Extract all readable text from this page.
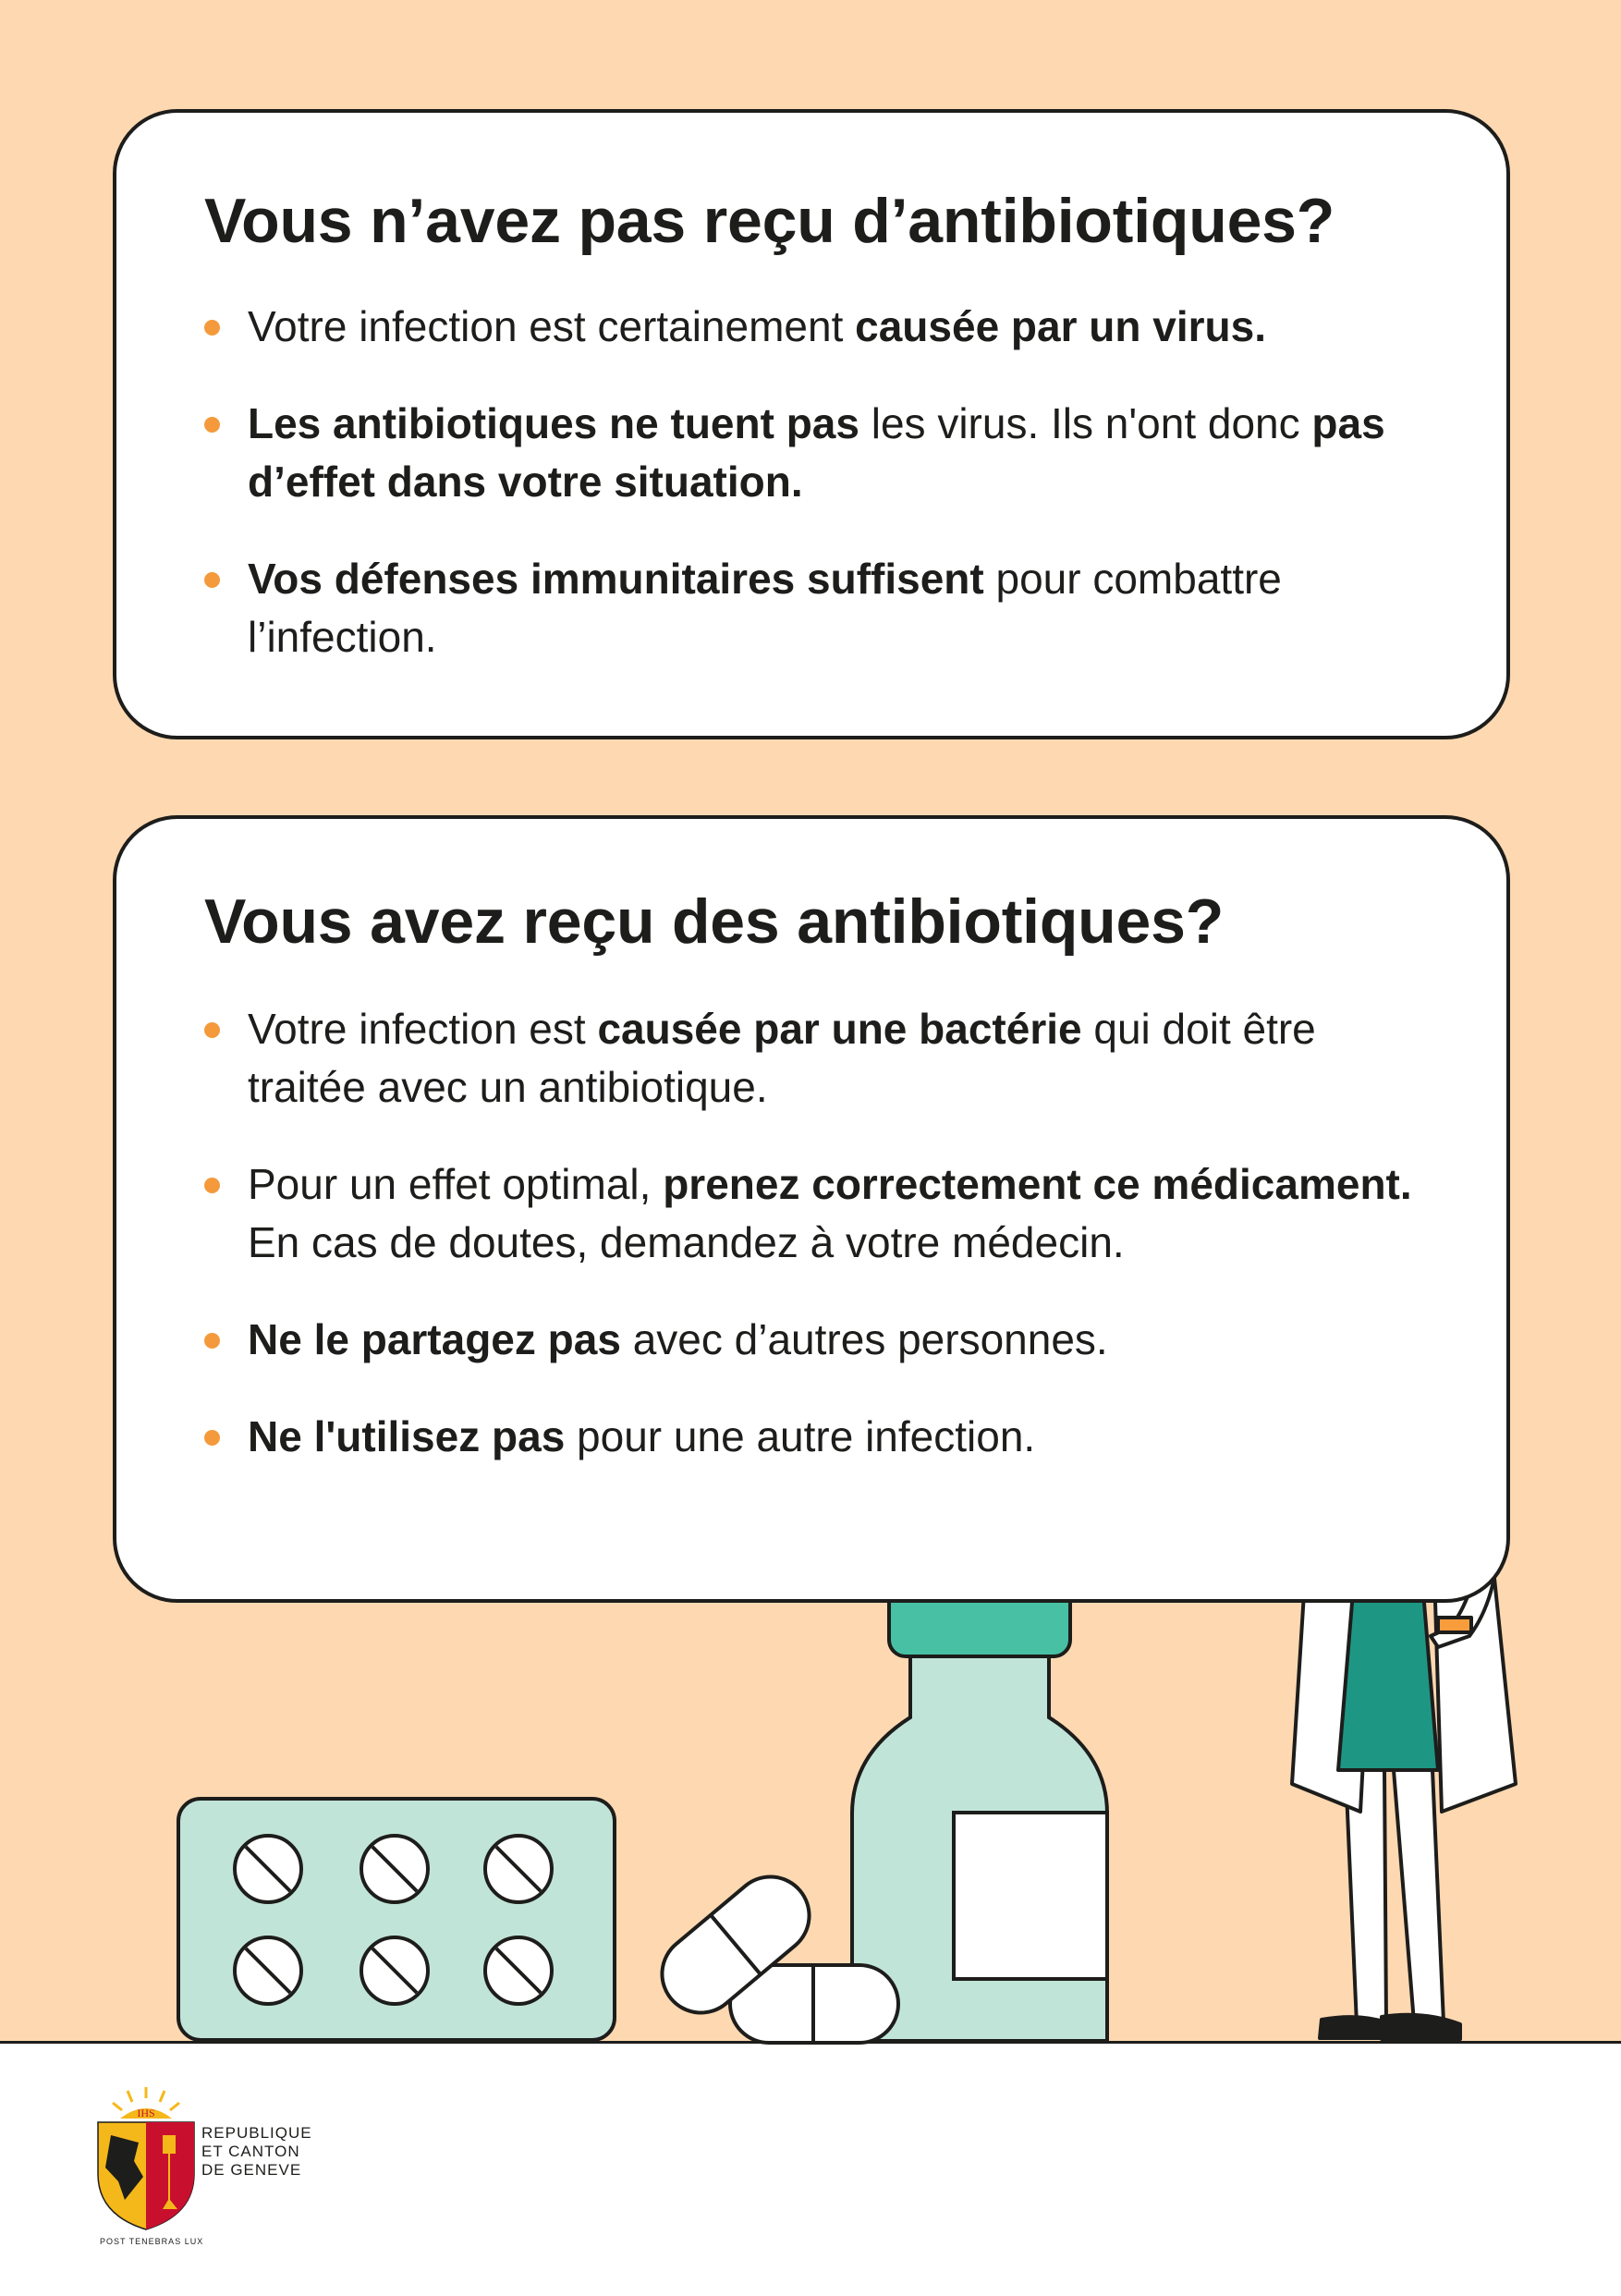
IHS
Vous n’avez pas reçu d’antibiotiques?
Votre infection est certainement causée par un virus.
Les antibiotiques ne tuent pas les virus. Ils n'ont donc pas d’effet dans votre situation.
Vos défenses immunitaires suffisent pour combattre l’infection.
Vous avez reçu des antibiotiques?
Votre infection est causée par une bactérie qui doit être traitée avec un antibiotique.
Pour un effet optimal, prenez correctement ce médicament. En cas de doutes, demandez à votre médecin.
Ne le partagez pas avec d’autres personnes.
Ne l'utilisez pas pour une autre infection.
REPUBLIQUE
ET CANTON
DE GENEVE
POST TENEBRAS LUX
